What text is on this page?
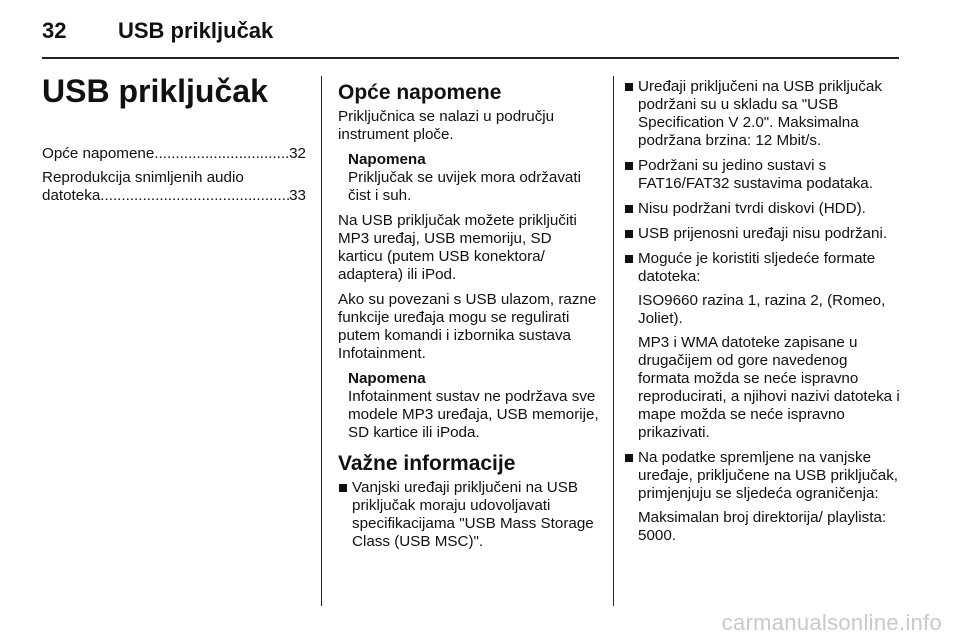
32 USB priključak
USB priključak
Opće napomene .....	32
Reprodukcija snimljenih audio
datoteka .....	33
Opće napomene

Priključnica se nalazi u području instrument ploče.

Napomena
Priključak se uvijek mora održavati čist i suh.

Na USB priključak možete priključiti MP3 uređaj, USB memoriju, SD karticu (putem USB konektora/ adaptera) ili iPod.

Ako su povezani s USB ulazom, razne funkcije uređaja mogu se regulirati putem komandi i izbornika sustava Infotainment.

Napomena
Infotainment sustav ne podržava sve modele MP3 uređaja, USB memorije, SD kartice ili iPoda.
Važne informacije
Vanjski uređaji priključeni na USB priključak moraju udovoljavati specifikacijama "USB Mass Storage Class (USB MSC)".
Uređaji priključeni na USB priključak podržani su u skladu sa "USB Specification V 2.0". Maksimalna podržana brzina: 12 Mbit/s.
Podržani su jedino sustavi s FAT16/FAT32 sustavima podataka.
Nisu podržani tvrdi diskovi (HDD).
USB prijenosni uređaji nisu podržani.
Moguće je koristiti sljedeće formate datoteka:
ISO9660 razina 1, razina 2, (Romeo, Joliet).
MP3 i WMA datoteke zapisane u drugačijem od gore navedenog formata možda se neće ispravno reproducirati, a njihovi nazivi datoteka i mape možda se neće ispravno prikazivati.
Na podatke spremljene na vanjske uređaje, priključene na USB priključak, primjenjuju se sljedeća ograničenja:
Maksimalan broj direktorija/ playlista: 5000.
carmanualsonline.info
